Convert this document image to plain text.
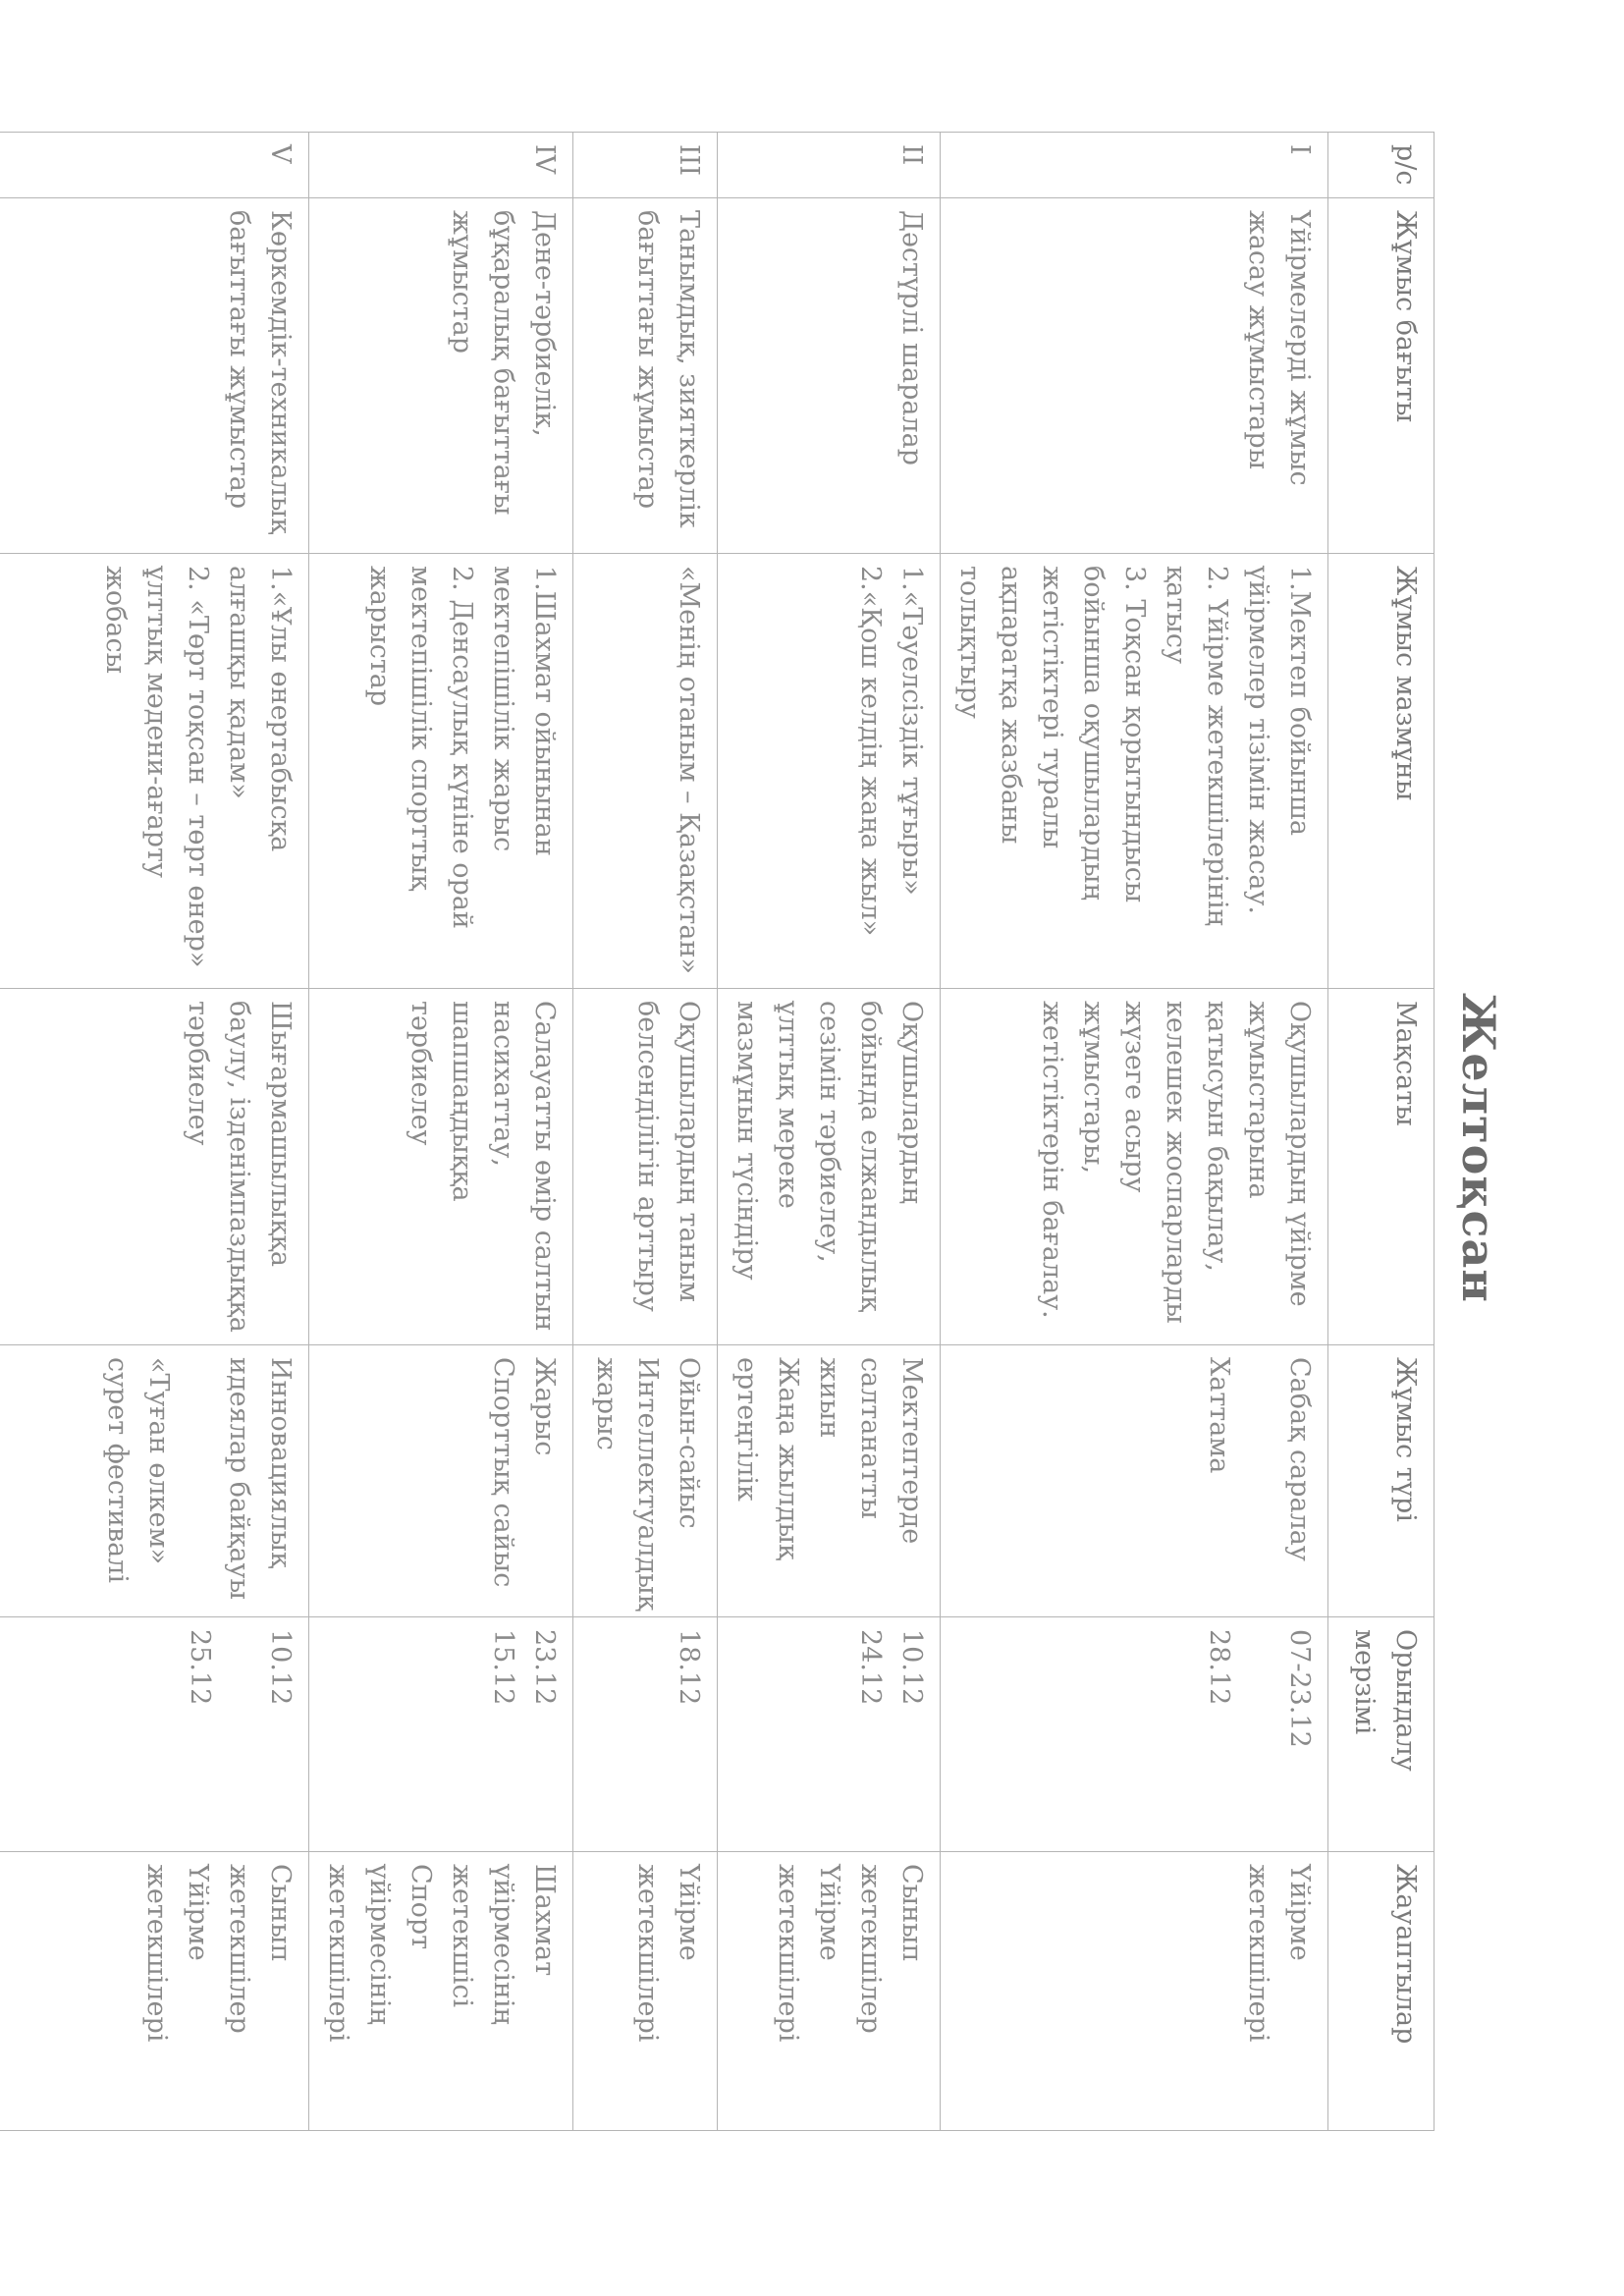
Желтоқсан
р/с	Жұмыс бағыты	Жұмыс мазмұны	Мақсаты	Жұмыс түрі	Орындалу мерзімі	Жауаптылар
I	Үйірмелерді жұмыс жасау жұмыстары	1.Мектеп бойынша үйірмелер тізімін жасау.
2. Үйірме жетекшілерінің қатысу
3. Тоқсан қорытындысы бойынша оқушылардың жетістіктері туралы ақпаратқа жазбаны толықтыру	Оқушылардың үйірме жұмыстарына қатысуын бақылау, келешек жоспарларды жүзеге асыру жұмыстары, жетістіктерін бағалау.	Сабақ саралау
Хаттама	07-23.12
28.12	Үйірме жетекшілері

II	Дәстүрлі шаралар	1.«Тәуелсіздік тұғыры»
2.«Қош келдің жаңа жыл»	Оқушылардың бойында елжандылық сезімін тәрбиелеу, ұлттық мереке мазмұнын түсіндіру	Мектептерде салтанатты жиын
Жаңа жылдық ертеңгілік	10.12
24.12	Сынып жетекшілер
Үйірме жетекшілері

III	Танымдық, зияткерлік бағыттағы жұмыстар	«Менің отаным – Қазақстан»	Оқушылардың таным белсенділігін арттыру	Ойын-сайыс
Интеллектуалдық жарыс	18.12	Үйірме жетекшілері

IV	Дене-тәрбиелік, бұқаралық бағыттағы жұмыстар	1.Шахмат ойынынан мектепішілік жарыс
2. Денсаулық күніне орай мектепішілік спорттық жарыстар	Салауатты өмір салтын насихаттау, шапшаңдыққа тәрбиелеу	Жарыс
Спорттық сайыс	23.12
15.12	Шахмат үйірмесінің жетекшісі
Спорт үйірмесінің жетекшілері

V	Көркемдік-техникалық бағыттағы жұмыстар	1.«Ұлы өнертабысқа алғашқы қадам»
2. «Төрт тоқсан – төрт өнер» ұлттық мәдени-ағарту жобасы	Шығармашылыққа баулу, ізденімпаздыққа тәрбиелеу	Инновациялық идеялар байқауы
«Туған өлкем» сурет фестивалі	10.12
25.12	Сынып жетекшілер
Үйірме жетекшілері
